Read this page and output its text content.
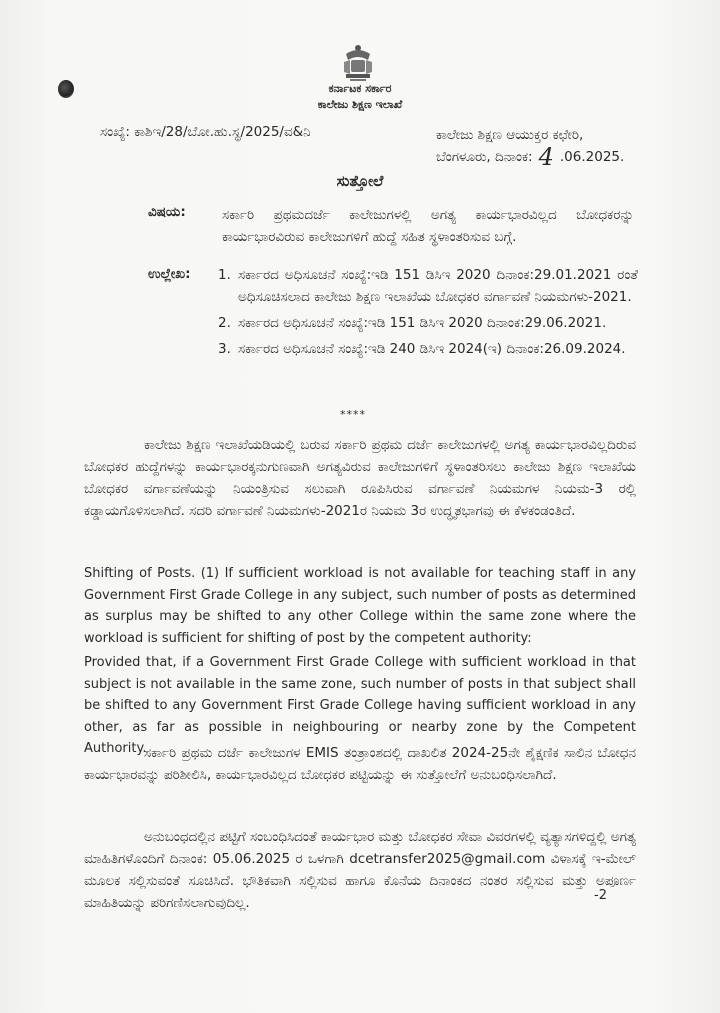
ಕರ್ನಾಟಕ ಸರ್ಕಾರ
ಕಾಲೇಜು ಶಿಕ್ಷಣ ಇಲಾಖೆ
ಸಂಖ್ಯೆ: ಕಾಶಿಇ/28/ಬೋ.ಹು.ಸ್ಥ/2025/ವ&ನಿ	ಕಾಲೇಜು ಶಿಕ್ಷಣ ಆಯುಕ್ತರ ಕಛೇರಿ,
ಬೆಂಗಳೂರು, ದಿನಾಂಕ: 4 .06.2025.
ಸುತ್ತೋಲೆ
ವಿಷಯ:	ಸರ್ಕಾರಿ ಪ್ರಥಮದರ್ಜೆ ಕಾಲೇಜುಗಳಲ್ಲಿ ಅಗತ್ಯ ಕಾರ್ಯಭಾರವಿಲ್ಲದ ಬೋಧಕರನ್ನು ಕಾರ್ಯಭಾರವಿರುವ ಕಾಲೇಜುಗಳಿಗೆ ಹುದ್ದೆ ಸಹಿತ ಸ್ಥಳಾಂತರಿಸುವ ಬಗ್ಗೆ.
ಉಲ್ಲೇಖ: 1. ಸರ್ಕಾರದ ಅಧಿಸೂಚನೆ ಸಂಖ್ಯೆ:ಇಡಿ 151 ಡಿಸಿಇ 2020 ದಿನಾಂಕ:29.01.2021 ರಂತೆ ಅಧಿಸೂಚಿಸಲಾದ ಕಾಲೇಜು ಶಿಕ್ಷಣ ಇಲಾಖೆಯ ಬೋಧಕರ ವರ್ಗಾವಣೆ ನಿಯಮಗಳು-2021.
2. ಸರ್ಕಾರದ ಅಧಿಸೂಚನೆ ಸಂಖ್ಯೆ:ಇಡಿ 151 ಡಿಸಿಇ 2020 ದಿನಾಂಕ:29.06.2021.
3. ಸರ್ಕಾರದ ಅಧಿಸೂಚನೆ ಸಂಖ್ಯೆ:ಇಡಿ 240 ಡಿಸಿಇ 2024(ಇ) ದಿನಾಂಕ:26.09.2024.
****

ಕಾಲೇಜು ಶಿಕ್ಷಣ ಇಲಾಖೆಯಡಿಯಲ್ಲಿ ಬರುವ ಸರ್ಕಾರಿ ಪ್ರಥಮ ದರ್ಜೆ ಕಾಲೇಜುಗಳಲ್ಲಿ ಅಗತ್ಯ ಕಾರ್ಯಭಾರವಿಲ್ಲದಿರುವ ಬೋಧಕರ ಹುದ್ದೆಗಳನ್ನು ಕಾರ್ಯಭಾರಕ್ಕನುಗುಣವಾಗಿ ಅಗತ್ಯವಿರುವ ಕಾಲೇಜುಗಳಿಗೆ ಸ್ಥಳಾಂತರಿಸಲು ಕಾಲೇಜು ಶಿಕ್ಷಣ ಇಲಾಖೆಯ ಬೋಧಕರ ವರ್ಗಾವಣೆಯನ್ನು ನಿಯಂತ್ರಿಸುವ ಸಲುವಾಗಿ ರೂಪಿಸಿರುವ ವರ್ಗಾವಣೆ ನಿಯಮಗಳ ನಿಯಮ-3 ರಲ್ಲಿ ಕಡ್ಡಾಯಗೊಳಿಸಲಾಗಿದೆ. ಸದರಿ ವರ್ಗಾವಣೆ ನಿಯಮಗಳು-2021ರ ನಿಯಮ 3ರ ಉದ್ಧೃತಭಾಗವು ಈ ಕೆಳಕಂಡಂತಿದೆ.

Shifting of Posts. (1) If sufficient workload is not available for teaching staff in any Government First Grade College in any subject, such number of posts as determined as surplus may be shifted to any other College within the same zone where the workload is sufficient for shifting of post by the competent authority:

Provided that, if a Government First Grade College with sufficient workload in that subject is not available in the same zone, such number of posts in that subject shall be shifted to any Government First Grade College having sufficient workload in any other, as far as possible in neighbouring or nearby zone by the Competent Authority.

ಸರ್ಕಾರಿ ಪ್ರಥಮ ದರ್ಜೆ ಕಾಲೇಜುಗಳ EMIS ತಂತ್ರಾಂಶದಲ್ಲಿ ದಾಖಲಿತ 2024-25ನೇ ಶೈಕ್ಷಣಿಕ ಸಾಲಿನ ಬೋಧನ ಕಾರ್ಯಭಾರವನ್ನು ಪರಿಶೀಲಿಸಿ, ಕಾರ್ಯಭಾರವಿಲ್ಲದ ಬೋಧಕರ ಪಟ್ಟಿಯನ್ನು ಈ ಸುತ್ತೋಲೆಗೆ ಅನುಬಂಧಿಸಲಾಗಿದೆ.

ಅನುಬಂಧದಲ್ಲಿನ ಪಟ್ಟಿಗೆ ಸಂಬಂಧಿಸಿದಂತೆ ಕಾರ್ಯಭಾರ ಮತ್ತು ಬೋಧಕರ ಸೇವಾ ವಿವರಗಳಲ್ಲಿ ವ್ಯತ್ಯಾಸಗಳಿದ್ದಲ್ಲಿ ಅಗತ್ಯ ಮಾಹಿತಿಗಳೊಂದಿಗೆ ದಿನಾಂಕ: 05.06.2025 ರ ಒಳಗಾಗಿ dcetransfer2025@gmail.com ವಿಳಾಸಕ್ಕೆ ಇ-ಮೇಲ್ ಮೂಲಕ ಸಲ್ಲಿಸುವಂತೆ ಸೂಚಿಸಿದೆ. ಭೌತಿಕವಾಗಿ ಸಲ್ಲಿಸುವ ಹಾಗೂ ಕೊನೆಯ ದಿನಾಂಕದ ನಂತರ ಸಲ್ಲಿಸುವ ಮತ್ತು ಅಪೂರ್ಣ ಮಾಹಿತಿಯನ್ನು ಪರಿಗಣಿಸಲಾಗುವುದಿಲ್ಲ.	-2
